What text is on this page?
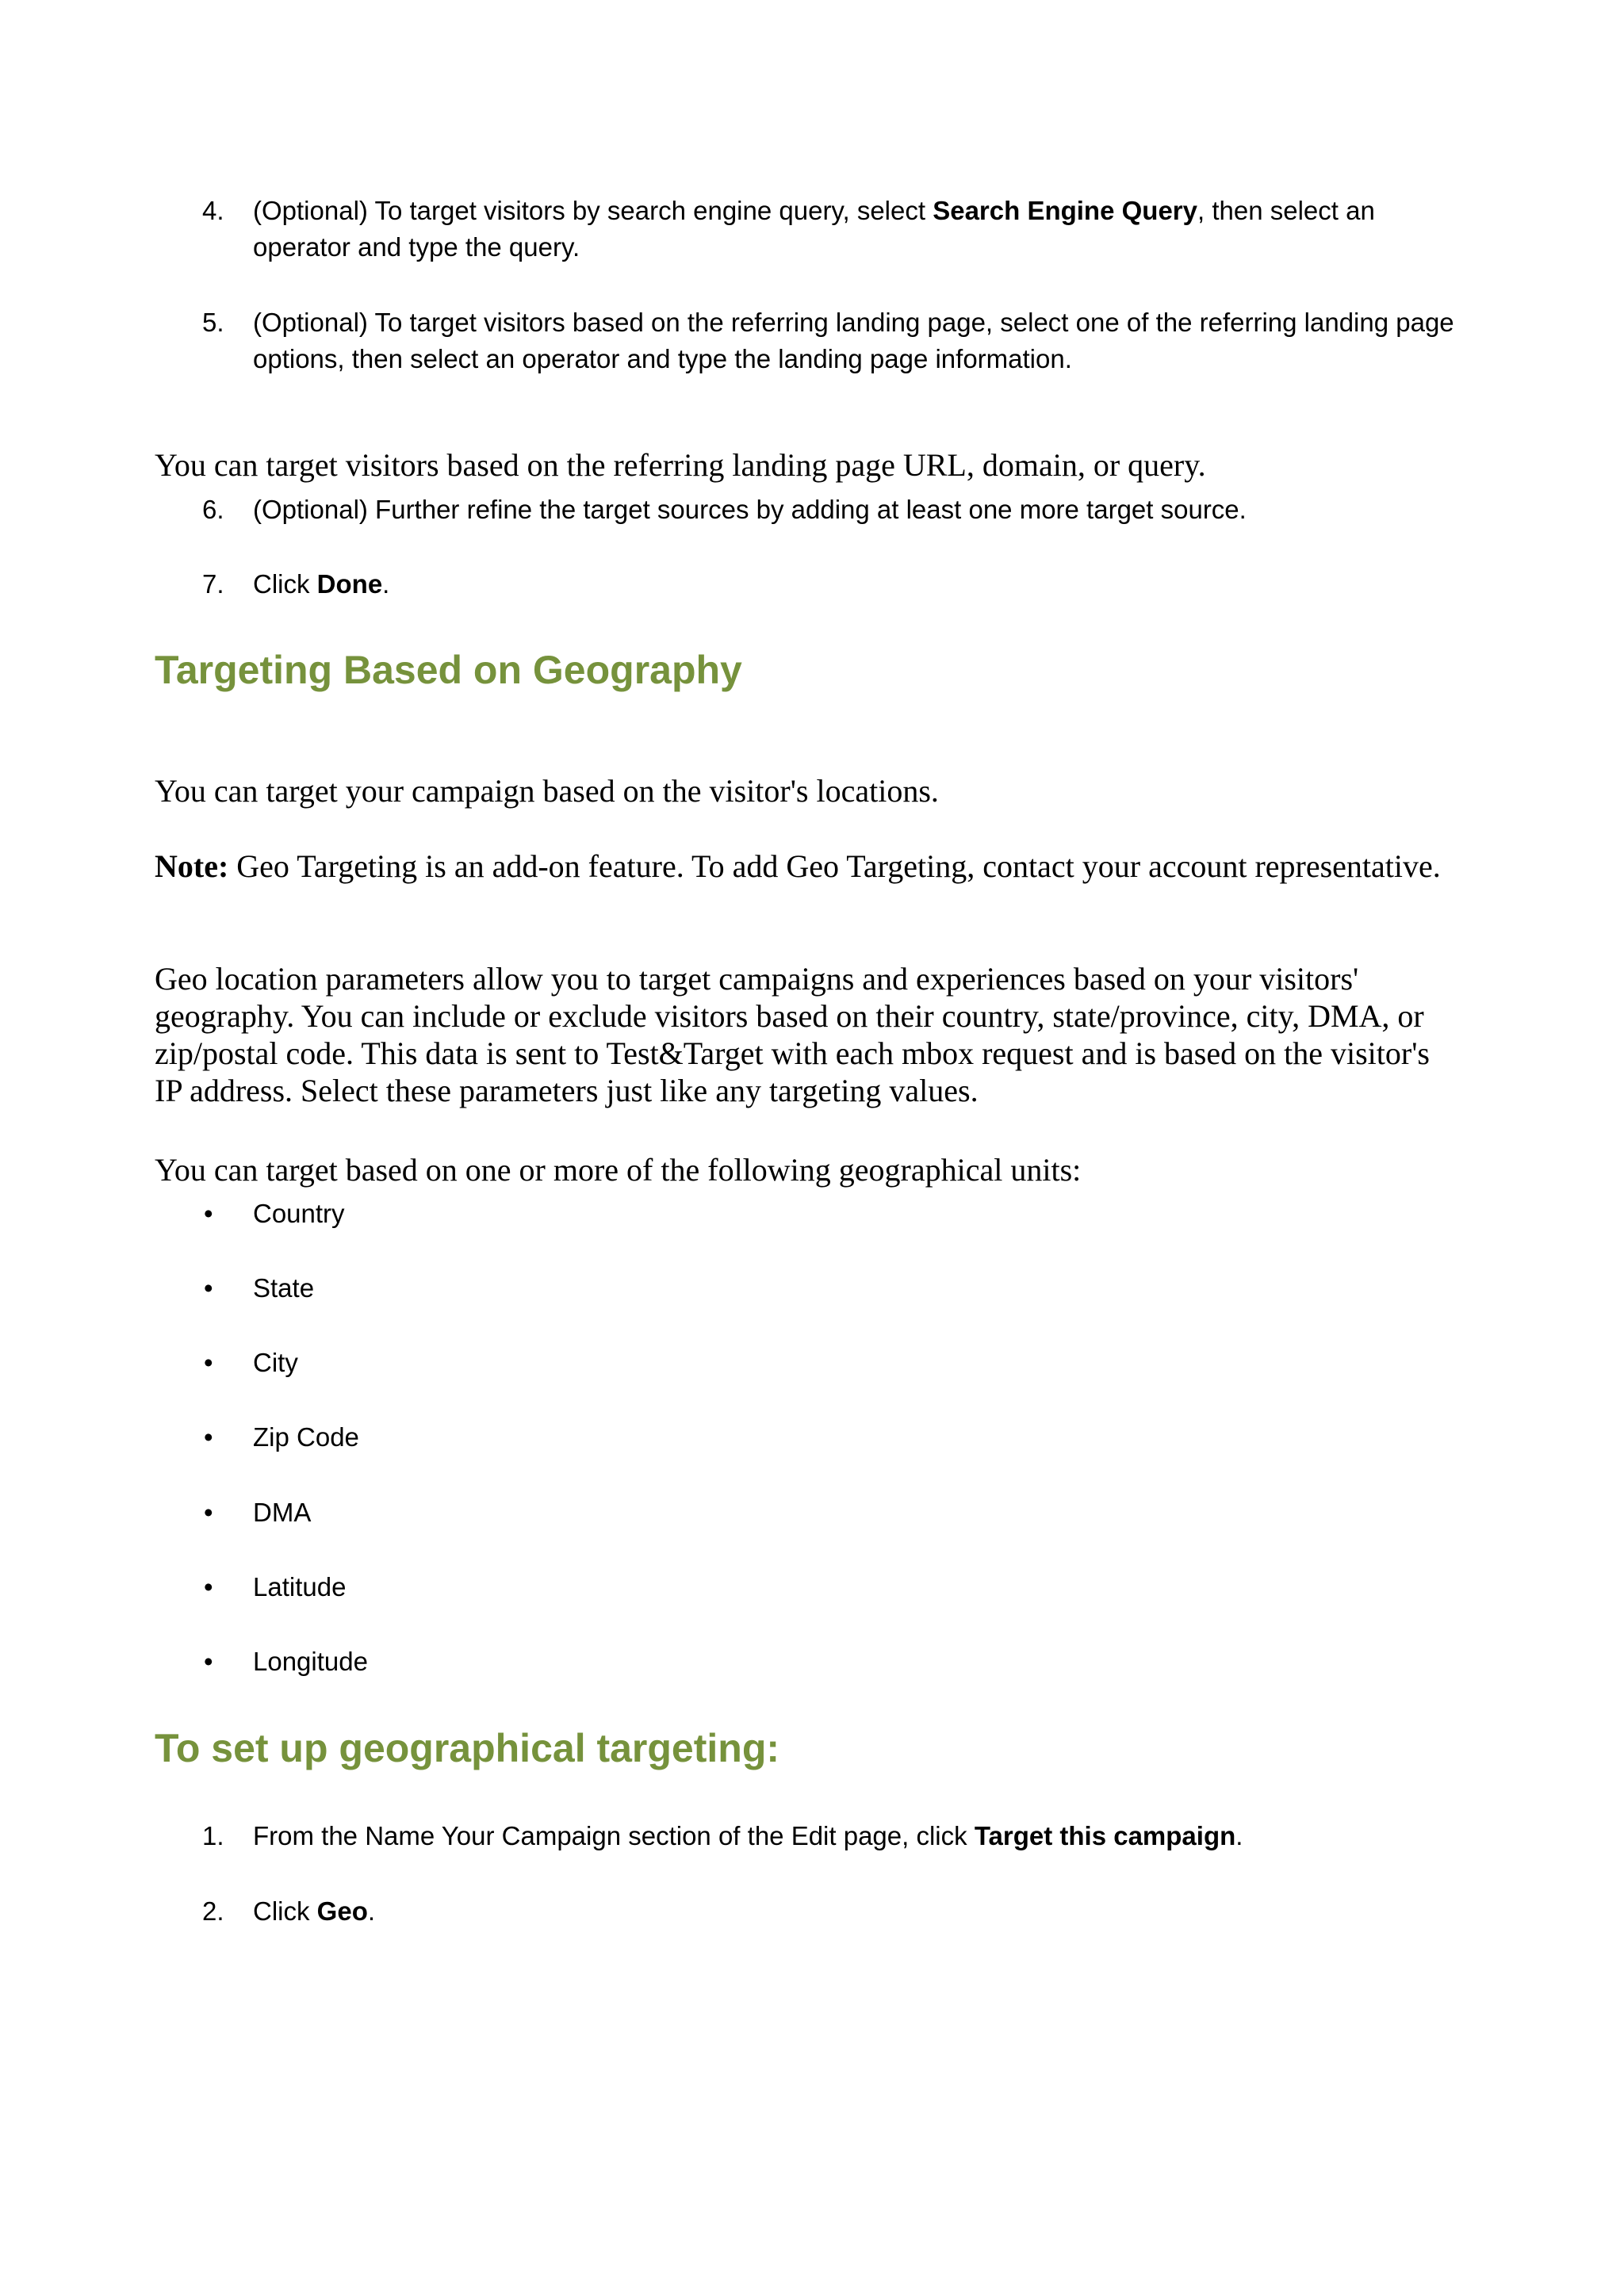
4. (Optional) To target visitors by search engine query, select Search Engine Query, then select an operator and type the query.
5. (Optional) To target visitors based on the referring landing page, select one of the referring landing page options, then select an operator and type the landing page information.

You can target visitors based on the referring landing page URL, domain, or query.

6. (Optional) Further refine the target sources by adding at least one more target source.
7. Click Done.
Targeting Based on Geography

You can target your campaign based on the visitor's locations.

Note: Geo Targeting is an add-on feature. To add Geo Targeting, contact your account representative.

Geo location parameters allow you to target campaigns and experiences based on your visitors' geography. You can include or exclude visitors based on their country, state/province, city, DMA, or zip/postal code. This data is sent to Test&Target with each mbox request and is based on the visitor's IP address. Select these parameters just like any targeting values.

You can target based on one or more of the following geographical units:

• Country
• State
• City
• Zip Code
• DMA
• Latitude
• Longitude
To set up geographical targeting:
1. From the Name Your Campaign section of the Edit page, click Target this campaign.
2. Click Geo.
